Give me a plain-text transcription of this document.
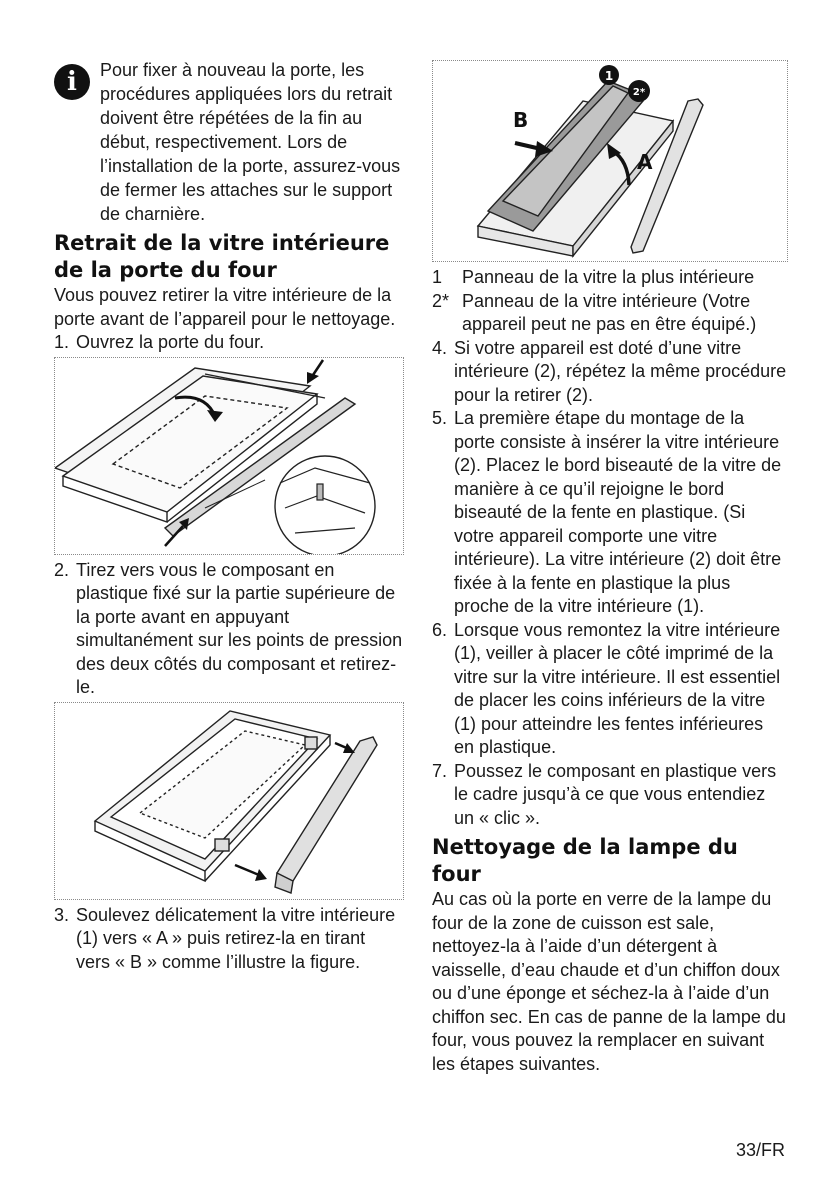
i	Pour fixer à nouveau la porte, les procédures appliquées lors du retrait doivent être répétées de la fin au début, respectivement. Lors de l’installation de la porte, assurez-vous de fermer les attaches sur le support de charnière.

Retrait de la vitre intérieure de la porte du four

Vous pouvez retirer la vitre intérieure de la porte avant de l’appareil pour le nettoyage.

1. Ouvrez la porte du four.
2. Tirez vers vous le composant en plastique fixé sur la partie supérieure de la porte avant en appuyant simultanément sur les points de pression des deux côtés du composant et retirez-le.
3. Soulevez délicatement la vitre intérieure (1) vers « A » puis retirez-la en tirant vers « B » comme l’illustre la figure.
1
2*
B
A
1	Panneau de la vitre la plus intérieure
2* Panneau de la vitre intérieure (Votre appareil peut ne pas en être équipé.)
4. Si votre appareil est doté d’une vitre intérieure (2), répétez la même procédure pour la retirer (2).
5. La première étape du montage de la porte consiste à insérer la vitre intérieure (2). Placez le bord biseauté de la vitre de manière à ce qu’il rejoigne le bord biseauté de la fente en plastique. (Si votre appareil comporte une vitre intérieure). La vitre intérieure (2) doit être fixée à la fente en plastique la plus proche de la vitre intérieure (1).
6. Lorsque vous remontez la vitre intérieure (1), veiller à placer le côté imprimé de la vitre sur la vitre intérieure. Il est essentiel de placer les coins inférieurs de la vitre (1) pour atteindre les fentes inférieures en plastique.
7. Poussez le composant en plastique vers le cadre jusqu’à ce que vous entendiez un « clic ».
Nettoyage de la lampe du four

Au cas où la porte en verre de la lampe du four de la zone de cuisson est sale, nettoyez-la à l’aide d’un détergent à vaisselle, d’eau chaude et d’un chiffon doux ou d’une éponge et séchez-la à l’aide d’un chiffon sec. En cas de panne de la lampe du four, vous pouvez la remplacer en suivant les étapes suivantes.

33/FR
